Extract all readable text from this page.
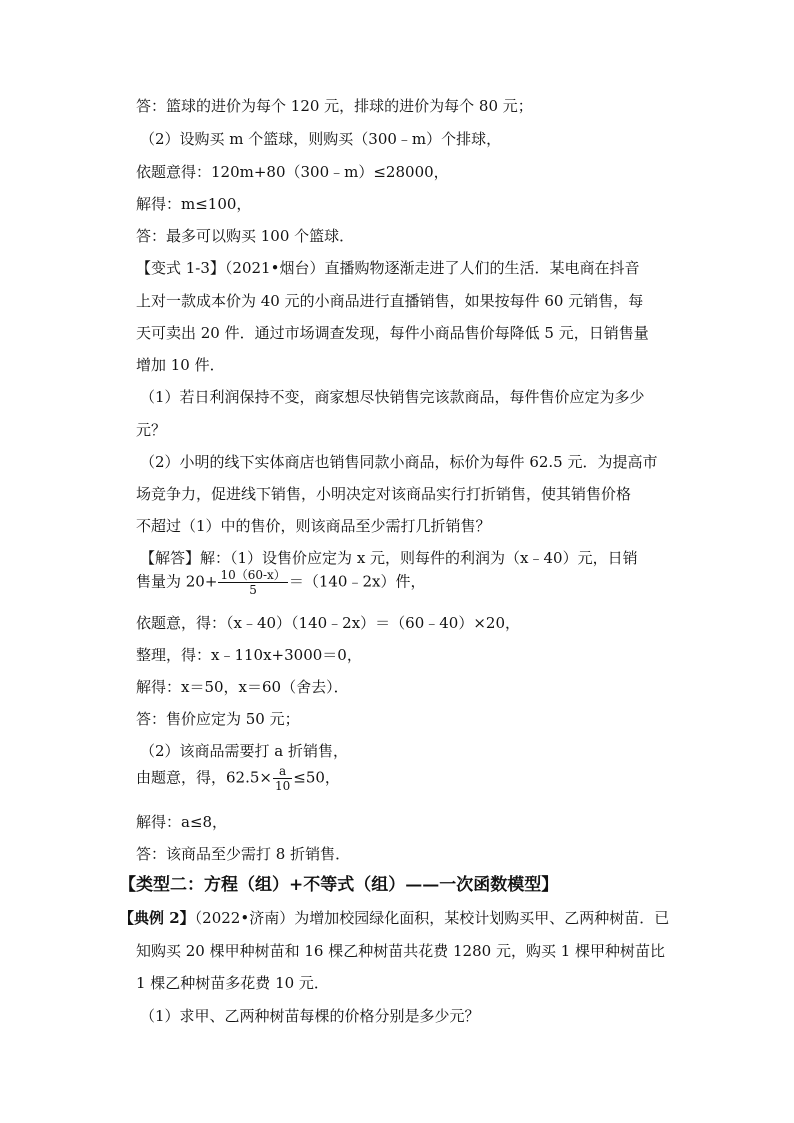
答：篮球的进价为每个 120 元，排球的进价为每个 80 元；
（2）设购买 m 个篮球，则购买（300﹣m）个排球，
依题意得：120m+80（300﹣m）≤28000，
解得：m≤100，
答：最多可以购买 100 个篮球．
【变式 1-3】（2021•烟台）直播购物逐渐走进了人们的生活．某电商在抖音
上对一款成本价为 40 元的小商品进行直播销售，如果按每件 60 元销售，每
天可卖出 20 件．通过市场调查发现，每件小商品售价每降低 5 元，日销售量
增加 10 件．
（1）若日利润保持不变，商家想尽快销售完该款商品，每件售价应定为多少
元？
（2）小明的线下实体商店也销售同款小商品，标价为每件 62.5 元．为提高市
场竞争力，促进线下销售，小明决定对该商品实行打折销售，使其销售价格
不超过（1）中的售价，则该商品至少需打几折销售？
【解答】解：（1）设售价应定为 x 元，则每件的利润为（x﹣40）元，日销
售量为 $20+ \frac{10(60-x)}{5}$ ＝（140﹣2x）件，
依题意，得：（x﹣40）（140﹣2x）＝（60﹣40）×20，
整理，得：x﹣110x+3000＝0，
解得：x＝50，x＝60（舍去）．
答：售价应定为 50 元；
（2）该商品需要打 a 折销售，
由题意，得，$62.5\times \frac{a}{10} \le 50$，
解得：a≤8，
答：该商品至少需打 8 折销售．
【类型二：方程（组）+不等式（组）——一次函数模型】
【典例 2】（2022•济南）为增加校园绿化面积，某校计划购买甲、乙两种树苗．已
知购买 20 棵甲种树苗和 16 棵乙种树苗共花费 1280 元，购买 1 棵甲种树苗比
1 棵乙种树苗多花费 10 元．
（1）求甲、乙两种树苗每棵的价格分别是多少元？
